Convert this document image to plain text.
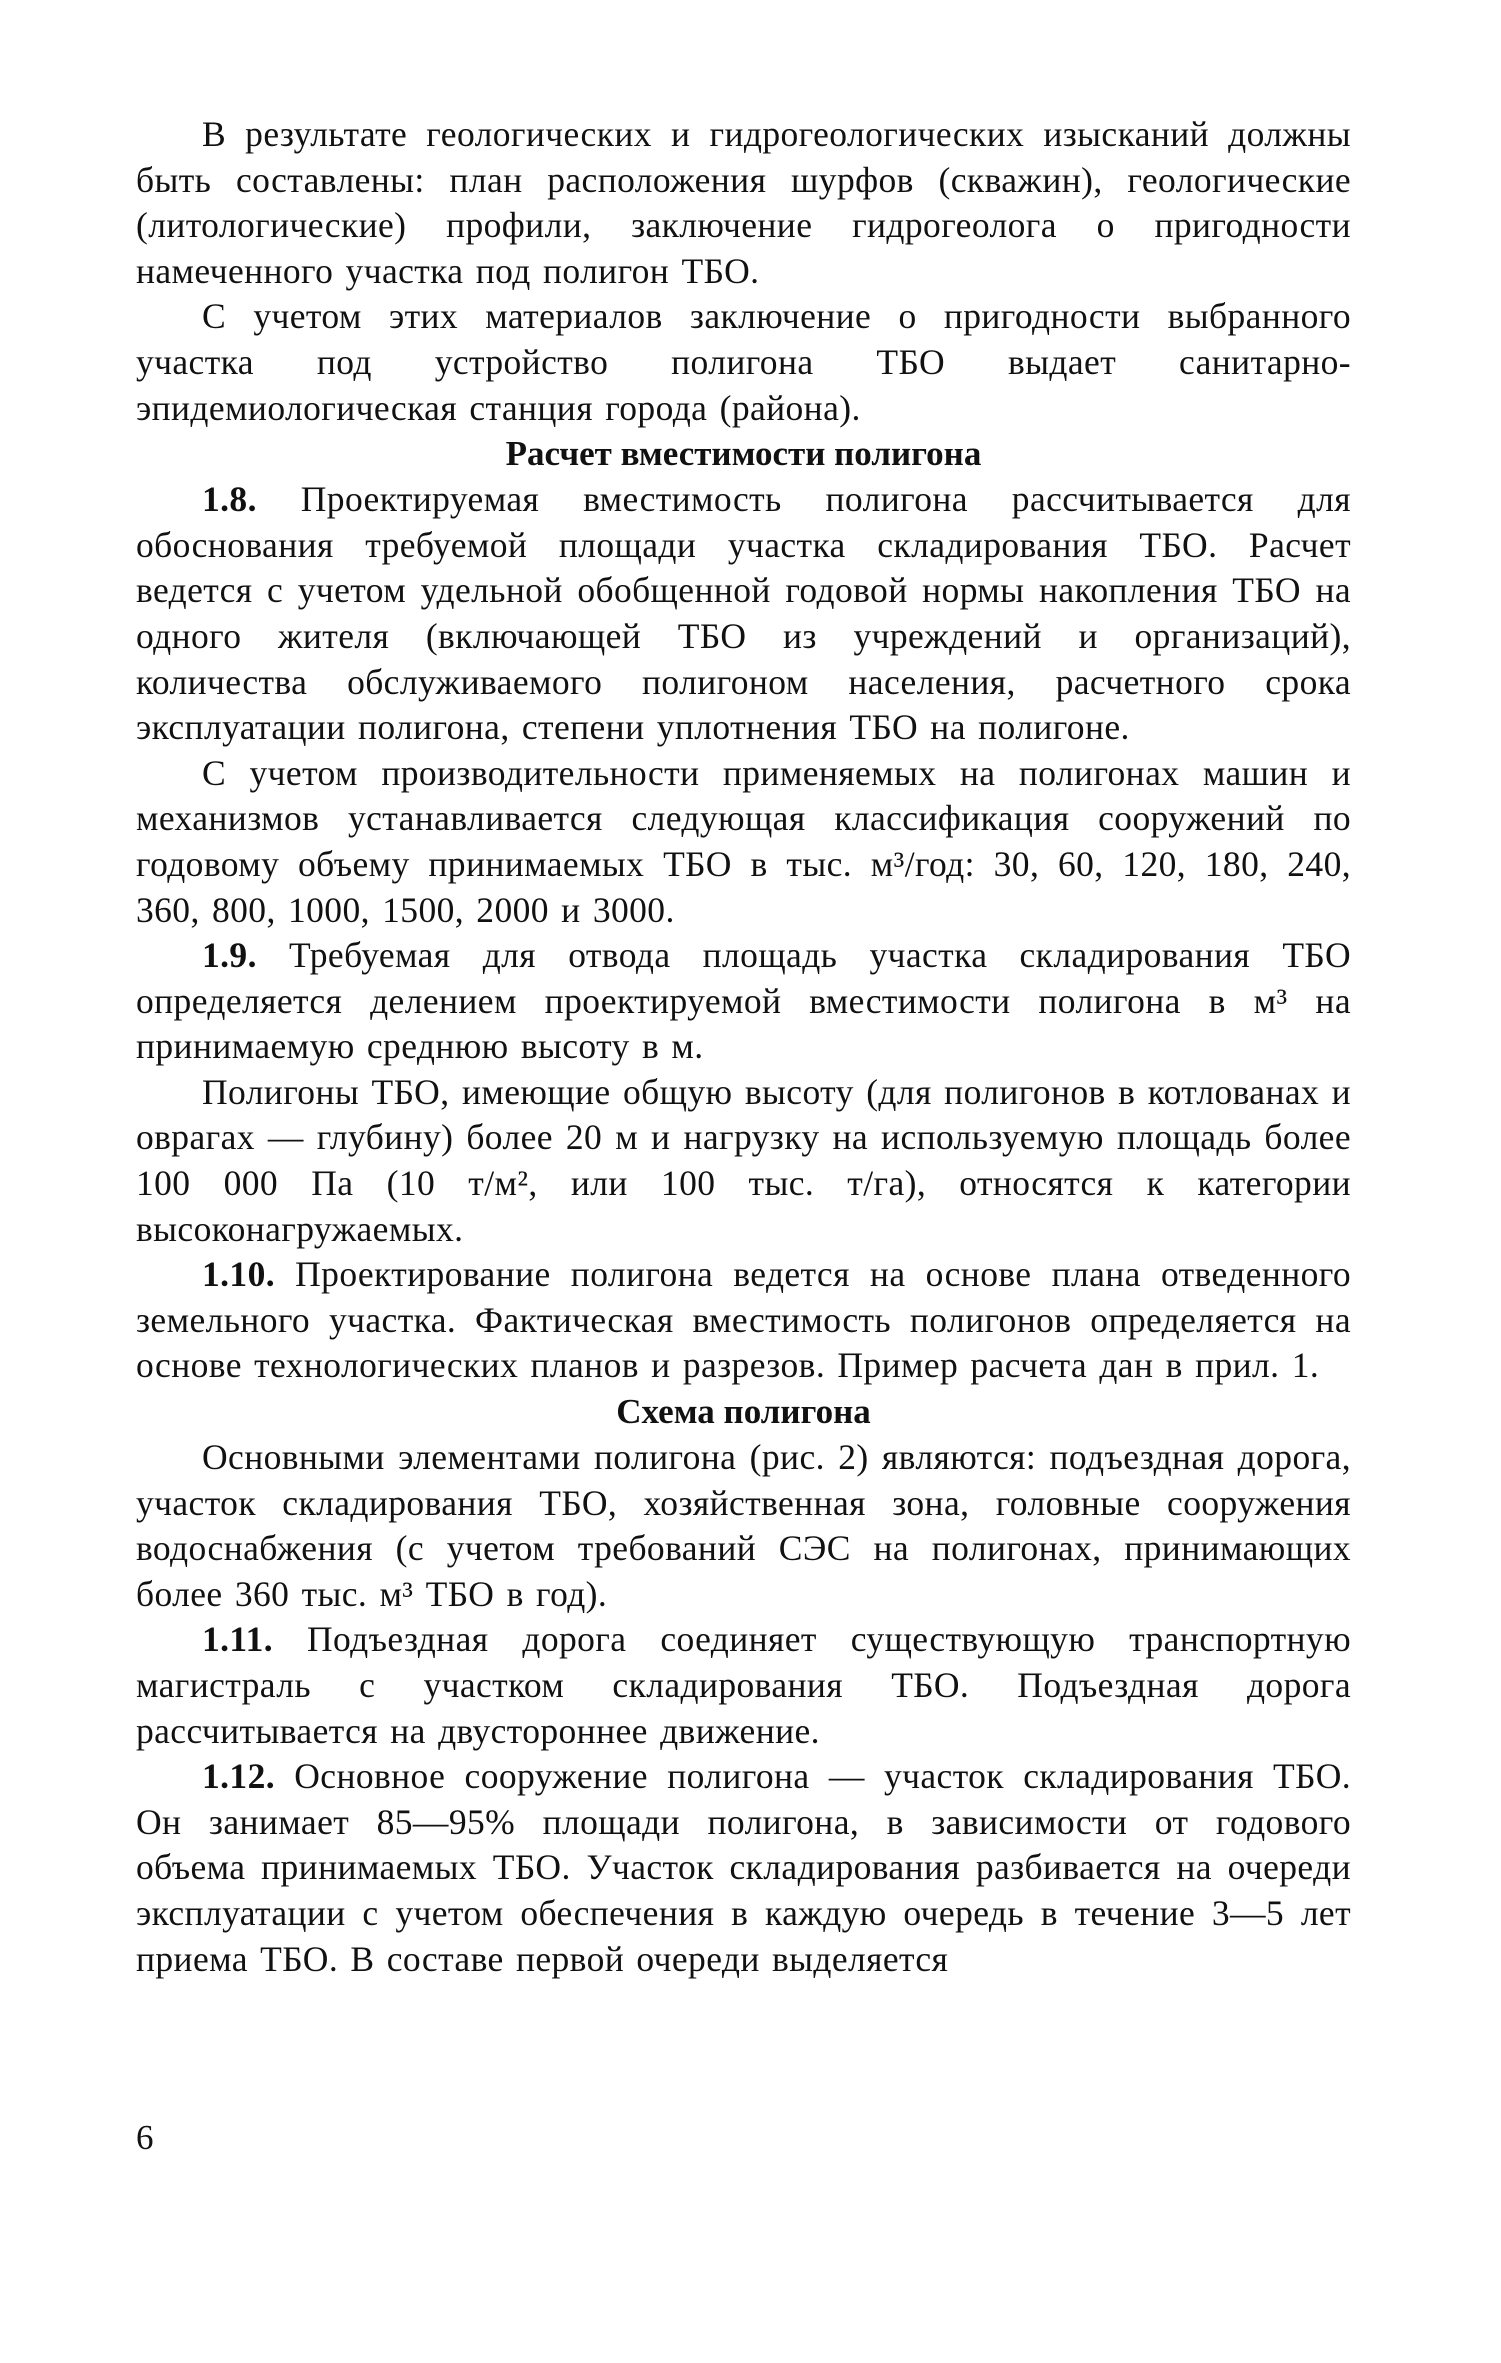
В результате геологических и гидрогеологических изысканий должны быть составлены: план расположения шурфов (скважин), геологические (литологические) профили, заключение гидрогеолога о пригодности намеченного участка под полигон ТБО.

С учетом этих материалов заключение о пригодности выбранного участка под устройство полигона ТБО выдает санитарно-эпидемиологическая станция города (района).

Расчет вместимости полигона

1.8. Проектируемая вместимость полигона рассчитывается для обоснования требуемой площади участка складирования ТБО. Расчет ведется с учетом удельной обобщенной годовой нормы накопления ТБО на одного жителя (включающей ТБО из учреждений и организаций), количества обслуживаемого полигоном населения, расчетного срока эксплуатации полигона, степени уплотнения ТБО на полигоне.

С учетом производительности применяемых на полигонах машин и механизмов устанавливается следующая классификация сооружений по годовому объему принимаемых ТБО в тыс. м³/год: 30, 60, 120, 180, 240, 360, 800, 1000, 1500, 2000 и 3000.

1.9. Требуемая для отвода площадь участка складирования ТБО определяется делением проектируемой вместимости полигона в м³ на принимаемую среднюю высоту в м.

Полигоны ТБО, имеющие общую высоту (для полигонов в котлованах и оврагах — глубину) более 20 м и нагрузку на используемую площадь более 100 000 Па (10 т/м², или 100 тыс. т/га), относятся к категории высоконагружаемых.

1.10. Проектирование полигона ведется на основе плана отведенного земельного участка. Фактическая вместимость полигонов определяется на основе технологических планов и разрезов. Пример расчета дан в прил. 1.

Схема полигона

Основными элементами полигона (рис. 2) являются: подъездная дорога, участок складирования ТБО, хозяйственная зона, головные сооружения водоснабжения (с учетом требований СЭС на полигонах, принимающих более 360 тыс. м³ ТБО в год).

1.11. Подъездная дорога соединяет существующую транспортную магистраль с участком складирования ТБО. Подъездная дорога рассчитывается на двустороннее движение.

1.12. Основное сооружение полигона — участок складирования ТБО. Он занимает 85—95% площади полигона, в зависимости от годового объема принимаемых ТБО. Участок складирования разбивается на очереди эксплуатации с учетом обеспечения в каждую очередь в течение 3—5 лет приема ТБО. В составе первой очереди выделяется

6
